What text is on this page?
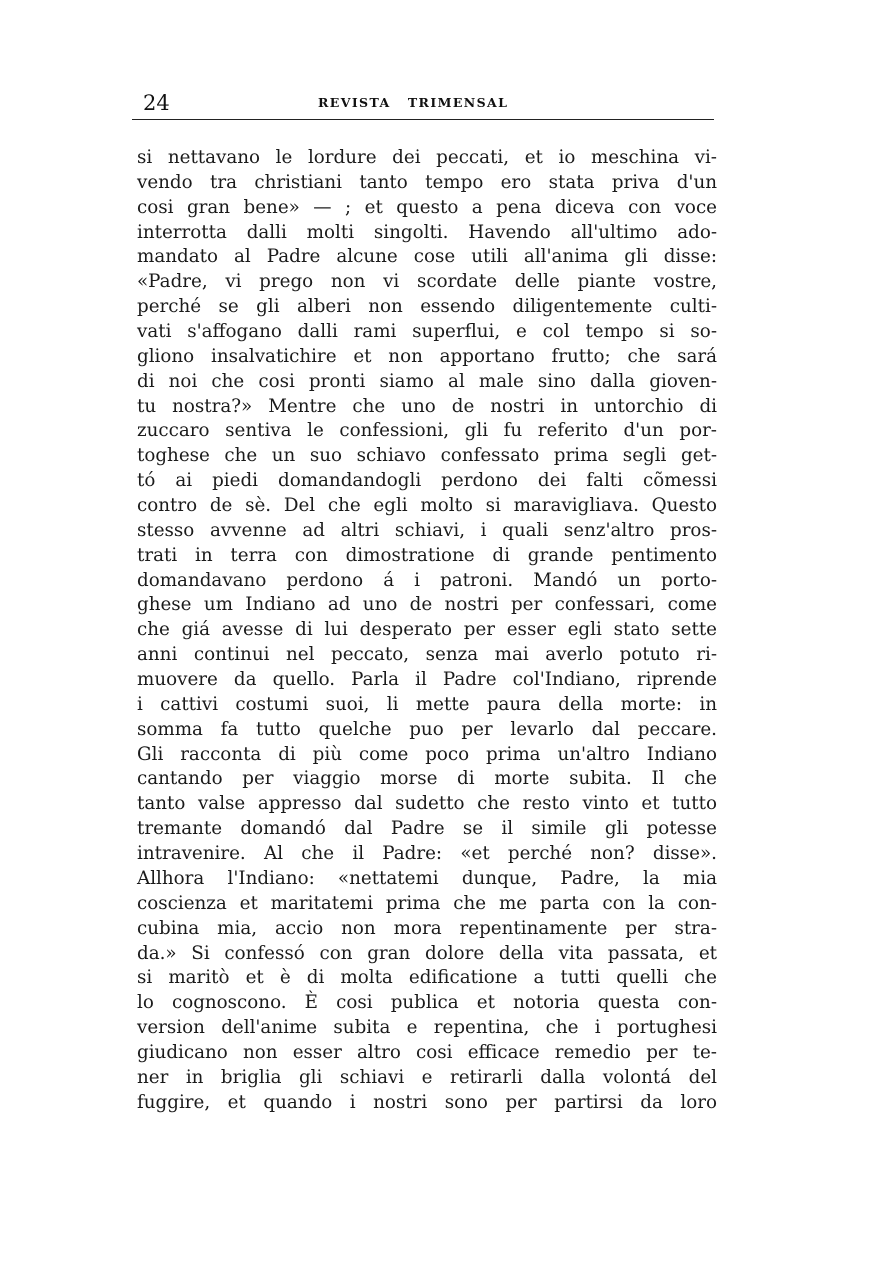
24	REVISTA   TRIMENSAL
si nettavano le lordure dei peccati, et io meschina vi-
vendo tra christiani tanto tempo ero stata priva d'un
cosi gran bene» — ; et questo a pena diceva con voce
interrotta dalli molti singolti. Havendo all'ultimo ado-
mandato al Padre alcune cose utili all'anima gli disse:
«Padre, vi prego non vi scordate delle piante vostre,
perché se gli alberi non essendo diligentemente culti-
vati s'affogano dalli rami superflui, e col tempo si so-
gliono insalvatichire et non apportano frutto; che sará
di noi che cosi pronti siamo al male sino dalla gioven-
tu nostra?» Mentre che uno de nostri in untorchio di
zuccaro sentiva le confessioni, gli fu referito d'un por-
toghese che un suo schiavo confessato prima segli get-
tó ai piedi domandandogli perdono dei falti cõmessi
contro de sè. Del che egli molto si maravigliava. Questo
stesso avvenne ad altri schiavi, i quali senz'altro pros-
trati in terra con dimostratione di grande pentimento
domandavano perdono á i patroni. Mandó un porto-
ghese um Indiano ad uno de nostri per confessari, come
che giá avesse di lui desperato per esser egli stato sette
anni continui nel peccato, senza mai averlo potuto ri-
muovere da quello. Parla il Padre col'Indiano, riprende
i cattivi costumi suoi, li mette paura della morte: in
somma fa tutto quelche puo per levarlo dal peccare.
Gli racconta di più come poco prima un'altro Indiano
cantando per viaggio morse di morte subita. Il che
tanto valse appresso dal sudetto che resto vinto et tutto
tremante domandó dal Padre se il simile gli potesse
intravenire. Al che il Padre: «et perché non? disse».
Allhora l'Indiano: «nettatemi dunque, Padre, la mia
coscienza et maritatemi prima che me parta con la con-
cubina mia, accio non mora repentinamente per stra-
da.» Si confessó con gran dolore della vita passata, et
si maritò et è di molta edificatione a tutti quelli che
lo cognoscono. È cosi publica et notoria questa con-
version dell'anime subita e repentina, che i portughesi
giudicano non esser altro cosi efficace remedio per te-
ner in briglia gli schiavi e retirarli dalla volontá del
fuggire, et quando i nostri sono per partirsi da loro
